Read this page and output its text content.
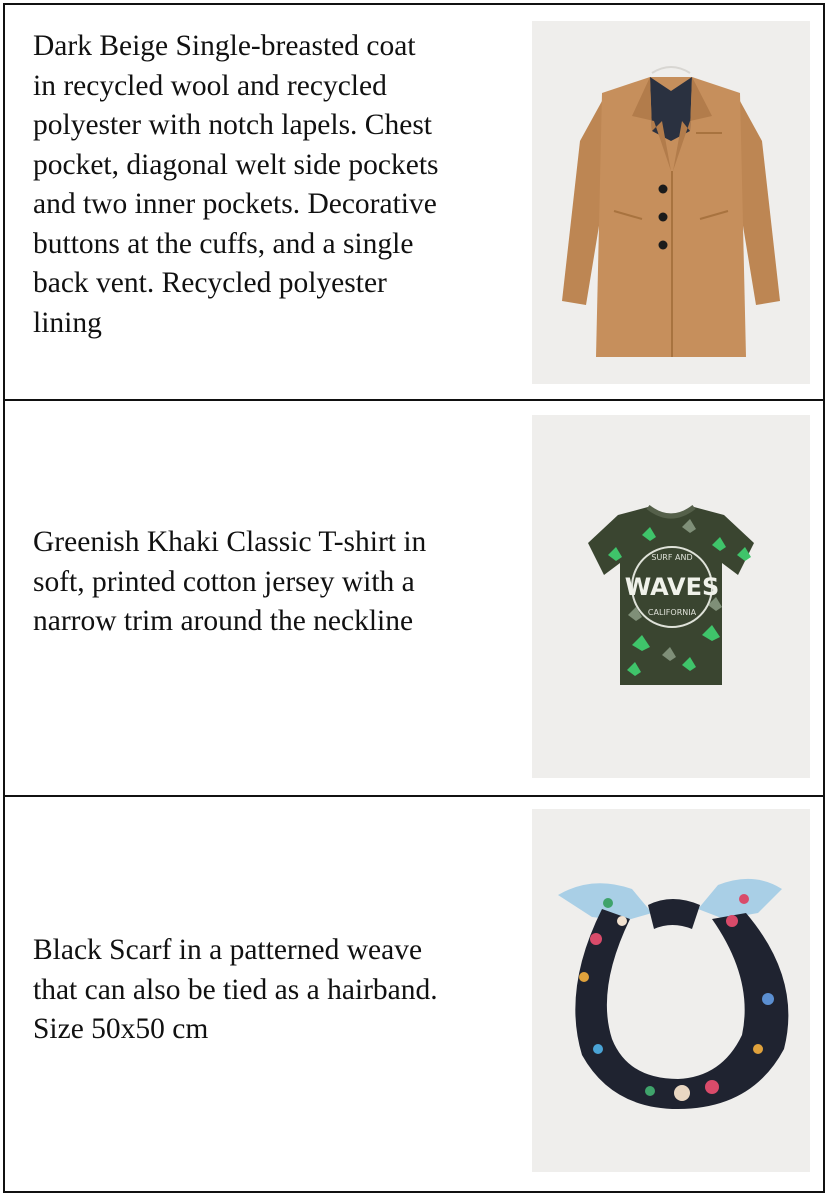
Dark Beige Single-breasted coat in recycled wool and recycled polyester with notch lapels. Chest pocket, diagonal welt side pockets and two inner pockets. Decorative buttons at the cuffs, and a single back vent. Recycled polyester lining
Greenish Khaki Classic T-shirt in soft, printed cotton jersey with a narrow trim around the neckline
SURF AND
WAVES
CALIFORNIA
Black Scarf in a patterned weave that can also be tied as a hairband. Size 50x50 cm
